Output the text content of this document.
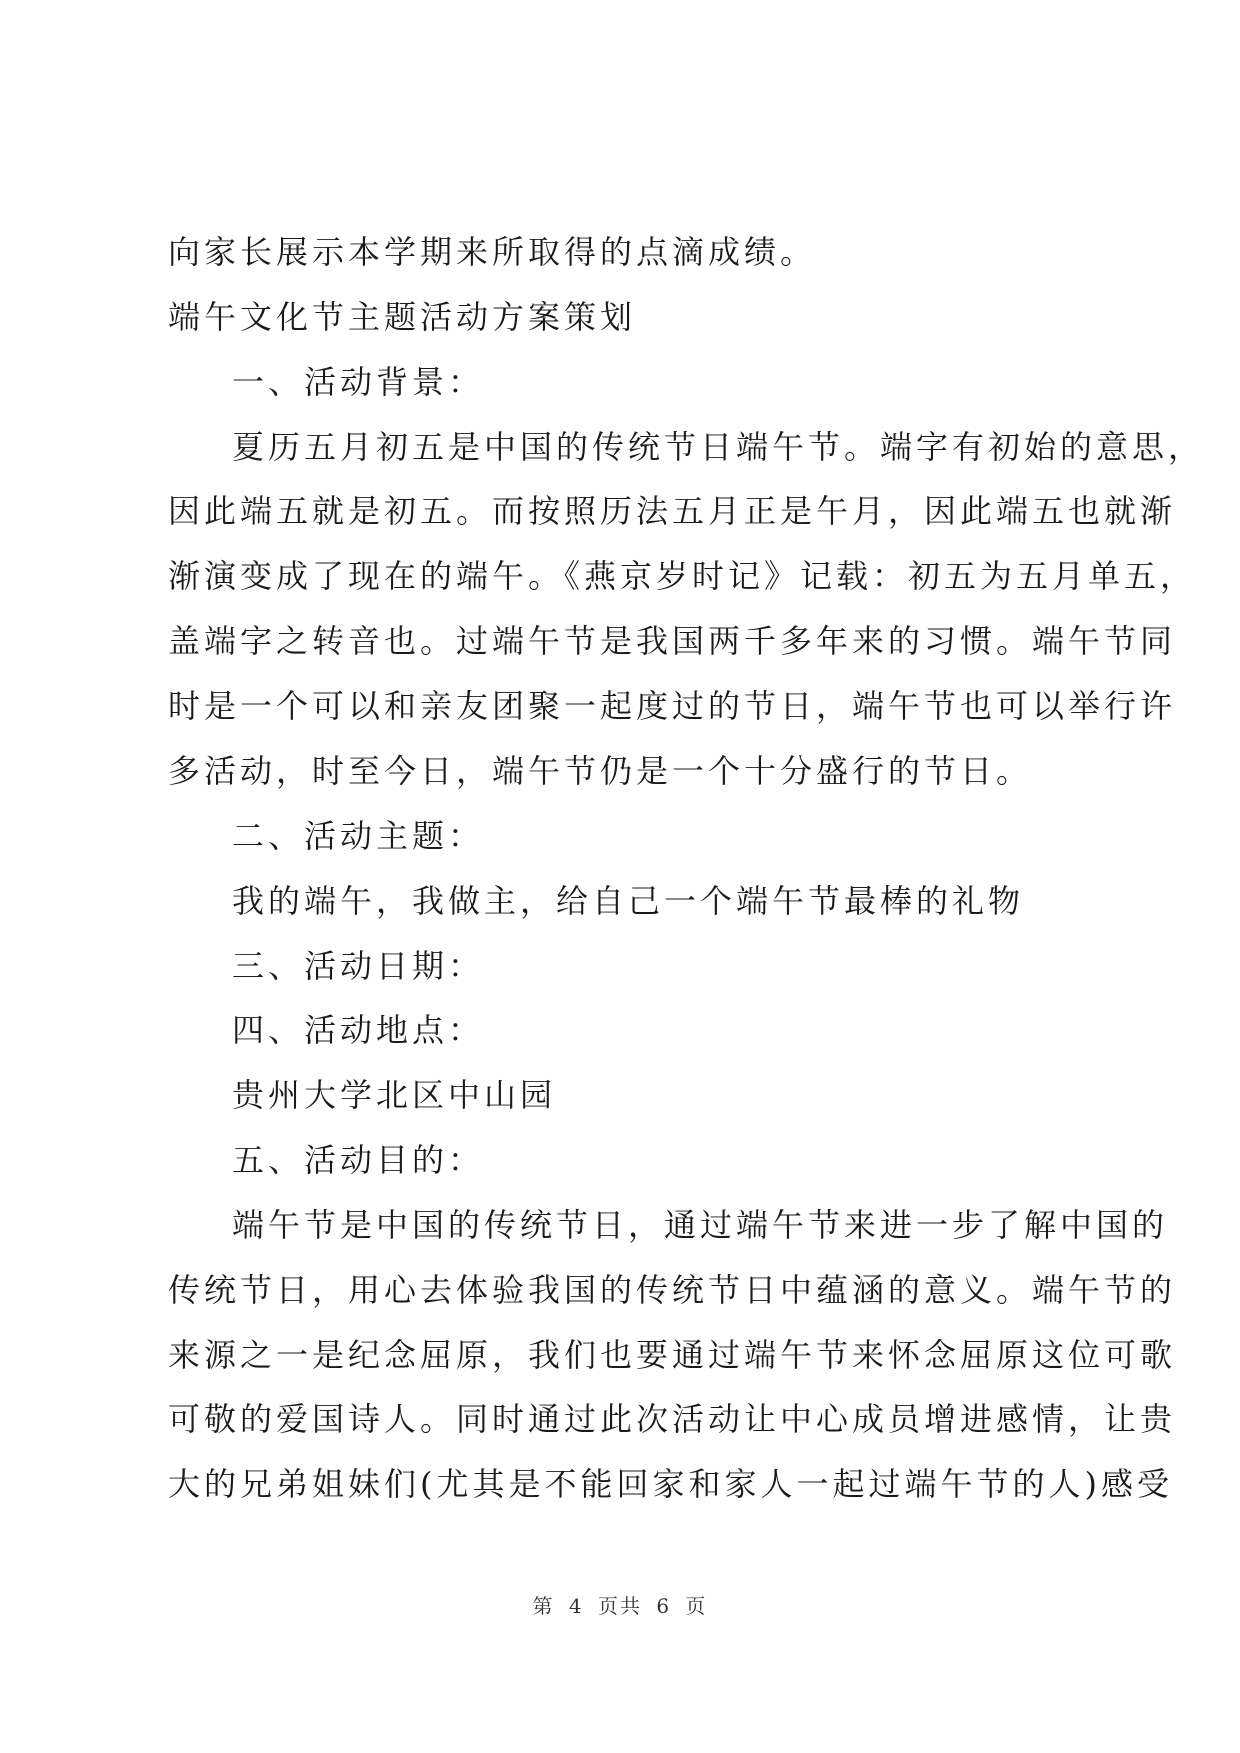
向家长展示本学期来所取得的点滴成绩。
端午文化节主题活动方案策划
一、活动背景：
夏历五月初五是中国的传统节日端午节。端字有初始的意思，
因此端五就是初五。而按照历法五月正是午月，因此端五也就渐
渐演变成了现在的端午。《燕京岁时记》记载：初五为五月单五，
盖端字之转音也。过端午节是我国两千多年来的习惯。端午节同
时是一个可以和亲友团聚一起度过的节日，端午节也可以举行许
多活动，时至今日，端午节仍是一个十分盛行的节日。
二、活动主题：
我的端午，我做主，给自己一个端午节最棒的礼物
三、活动日期：
四、活动地点：
贵州大学北区中山园
五、活动目的：
端午节是中国的传统节日，通过端午节来进一步了解中国的
传统节日，用心去体验我国的传统节日中蕴涵的意义。端午节的
来源之一是纪念屈原，我们也要通过端午节来怀念屈原这位可歌
可敬的爱国诗人。同时通过此次活动让中心成员增进感情，让贵
大的兄弟姐妹们(尤其是不能回家和家人一起过端午节的人)感受
第 4 页共 6 页
